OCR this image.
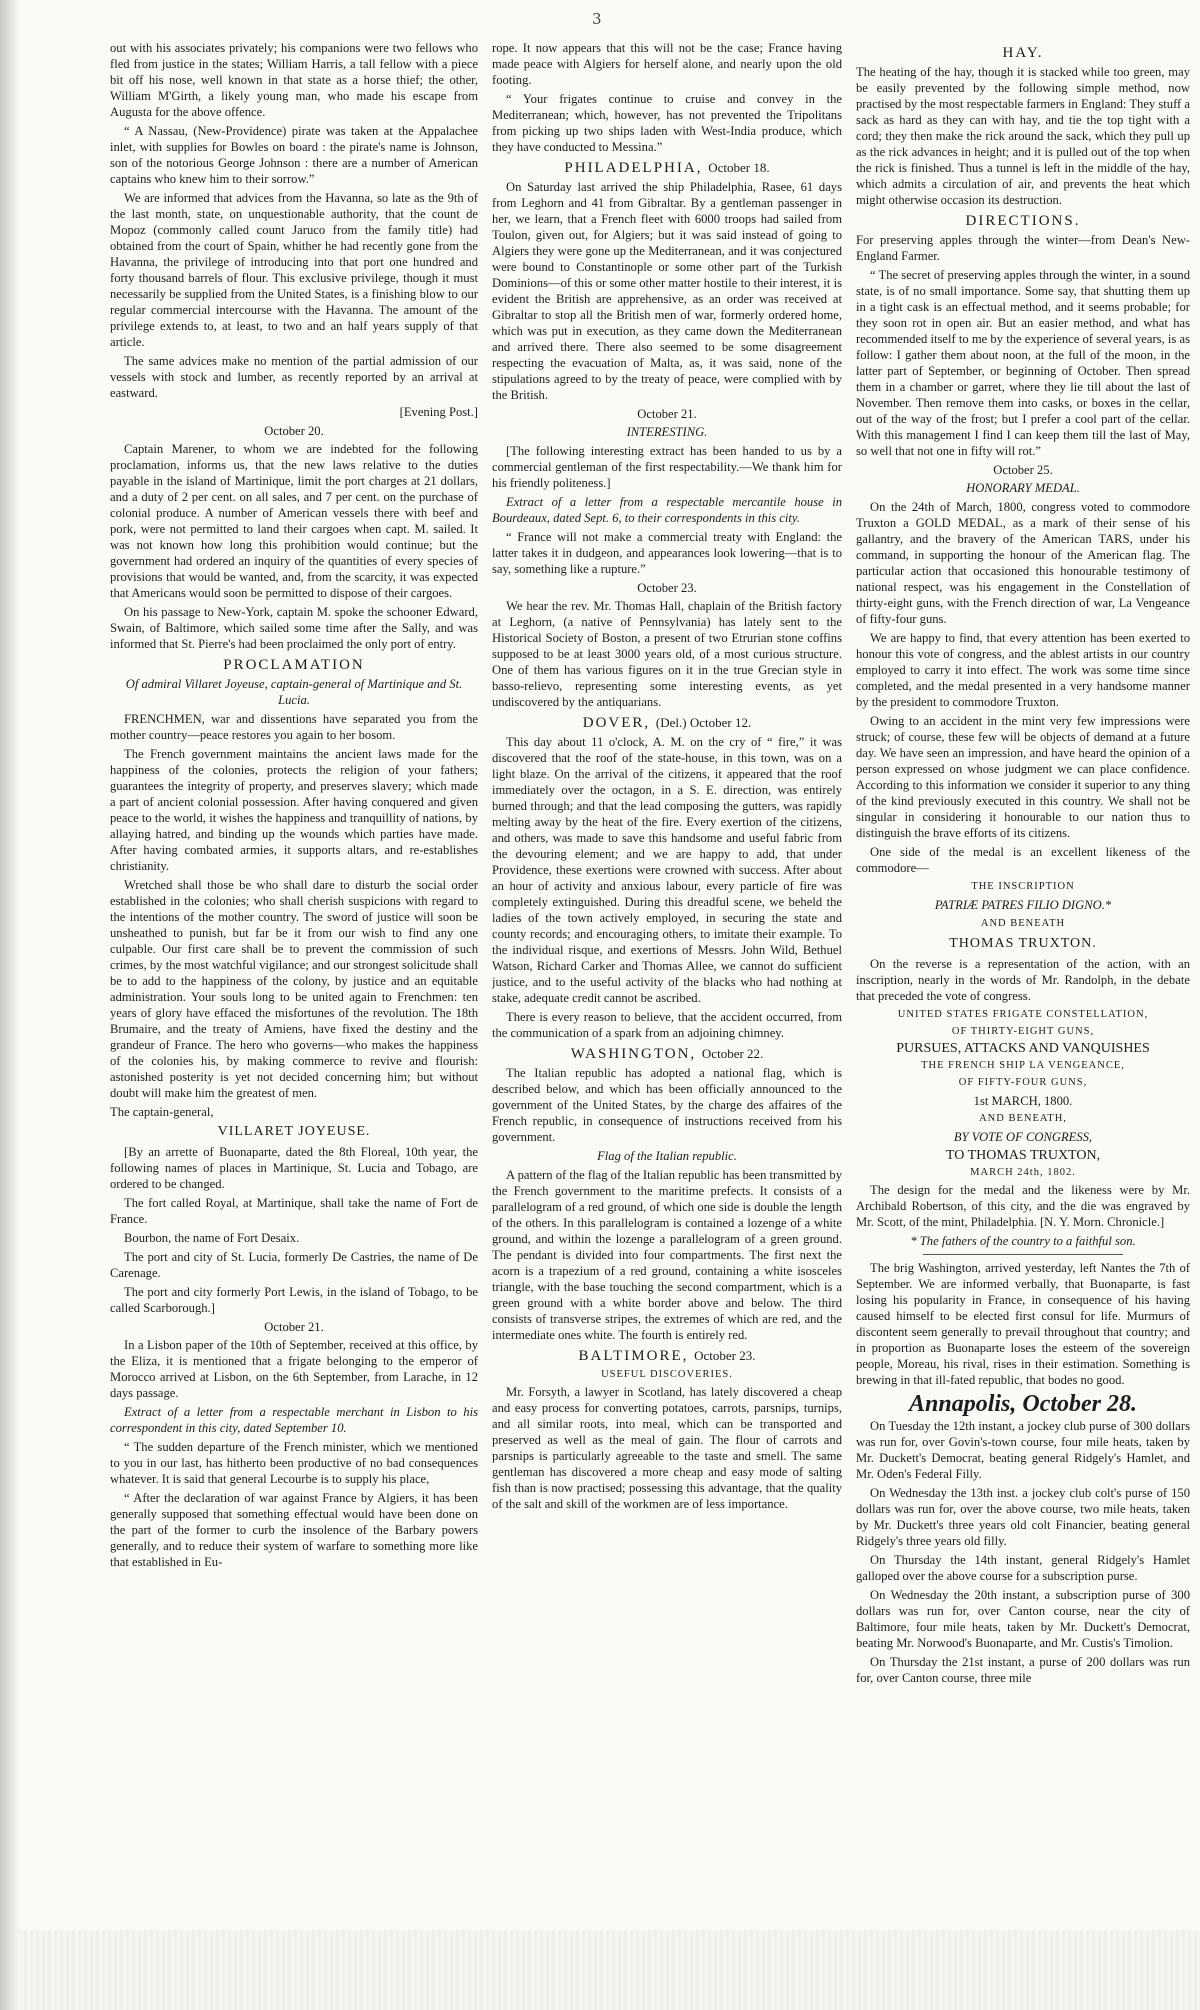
3

out with his associates privately; his companions were two fellows who fled from justice in the states; William Harris, a tall fellow with a piece bit off his nose, well known in that state as a horse thief; the other, William M'Girth, a likely young man, who made his escape from Augusta for the above offence.

“ A Nassau, (New-Providence) pirate was taken at the Appalachee inlet, with supplies for Bowles on board : the pirate's name is Johnson, son of the notorious George Johnson : there are a number of American captains who knew him to their sorrow.”

We are informed that advices from the Havanna, so late as the 9th of the last month, state, on unquestionable authority, that the count de Mopoz (commonly called count Jaruco from the family title) had obtained from the court of Spain, whither he had recently gone from the Havanna, the privilege of introducing into that port one hundred and forty thousand barrels of flour. This exclusive privilege, though it must necessarily be supplied from the United States, is a finishing blow to our regular commercial intercourse with the Havanna. The amount of the privilege extends to, at least, to two and an half years supply of that article.

The same advices make no mention of the partial admission of our vessels with stock and lumber, as recently reported by an arrival at eastward.

[Evening Post.]

October 20.

Captain Marener, to whom we are indebted for the following proclamation, informs us, that the new laws relative to the duties payable in the island of Martinique, limit the port charges at 21 dollars, and a duty of 2 per cent. on all sales, and 7 per cent. on the purchase of colonial produce. A number of American vessels there with beef and pork, were not permitted to land their cargoes when capt. M. sailed. It was not known how long this prohibition would continue; but the government had ordered an inquiry of the quantities of every species of provisions that would be wanted, and, from the scarcity, it was expected that Americans would soon be permitted to dispose of their cargoes.

On his passage to New-York, captain M. spoke the schooner Edward, Swain, of Baltimore, which sailed some time after the Sally, and was informed that St. Pierre's had been proclaimed the only port of entry.

PROCLAMATION

Of admiral Villaret Joyeuse, captain-general of Martinique and St. Lucia.

FRENCHMEN, war and dissentions have separated you from the mother country—peace restores you again to her bosom.

The French government maintains the ancient laws made for the happiness of the colonies, protects the religion of your fathers; guarantees the integrity of property, and preserves slavery; which made a part of ancient colonial possession. After having conquered and given peace to the world, it wishes the happiness and tranquillity of nations, by allaying hatred, and binding up the wounds which parties have made. After having combated armies, it supports altars, and re-establishes christianity.

Wretched shall those be who shall dare to disturb the social order established in the colonies; who shall cherish suspicions with regard to the intentions of the mother country. The sword of justice will soon be unsheathed to punish, but far be it from our wish to find any one culpable. Our first care shall be to prevent the commission of such crimes, by the most watchful vigilance; and our strongest solicitude shall be to add to the happiness of the colony, by justice and an equitable administration. Your souls long to be united again to Frenchmen: ten years of glory have effaced the misfortunes of the revolution. The 18th Brumaire, and the treaty of Amiens, have fixed the destiny and the grandeur of France. The hero who governs—who makes the happiness of the colonies his, by making commerce to revive and flourish: astonished posterity is yet not decided concerning him; but without doubt will make him the greatest of men.

The captain-general,

VILLARET JOYEUSE.

[By an arrette of Buonaparte, dated the 8th Floreal, 10th year, the following names of places in Martinique, St. Lucia and Tobago, are ordered to be changed.

The fort called Royal, at Martinique, shall take the name of Fort de France.

Bourbon, the name of Fort Desaix.

The port and city of St. Lucia, formerly De Castries, the name of De Carenage.

The port and city formerly Port Lewis, in the island of Tobago, to be called Scarborough.]

October 21.

In a Lisbon paper of the 10th of September, received at this office, by the Eliza, it is mentioned that a frigate belonging to the emperor of Morocco arrived at Lisbon, on the 6th September, from Larache, in 12 days passage.

Extract of a letter from a respectable merchant in Lisbon to his correspondent in this city, dated September 10.

“ The sudden departure of the French minister, which we mentioned to you in our last, has hitherto been productive of no bad consequences whatever. It is said that general Lecourbe is to supply his place,

“ After the declaration of war against France by Algiers, it has been generally supposed that something effectual would have been done on the part of the former to curb the insolence of the Barbary powers generally, and to reduce their system of warfare to something more like that established in Eu-

rope. It now appears that this will not be the case; France having made peace with Algiers for herself alone, and nearly upon the old footing.

“ Your frigates continue to cruise and convey in the Mediterranean; which, however, has not prevented the Tripolitans from picking up two ships laden with West-India produce, which they have conducted to Messina.”

PHILADELPHIA, October 18.

On Saturday last arrived the ship Philadelphia, Rasee, 61 days from Leghorn and 41 from Gibraltar. By a gentleman passenger in her, we learn, that a French fleet with 6000 troops had sailed from Toulon, given out, for Algiers; but it was said instead of going to Algiers they were gone up the Mediterranean, and it was conjectured were bound to Constantinople or some other part of the Turkish Dominions—of this or some other matter hostile to their interest, it is evident the British are apprehensive, as an order was received at Gibraltar to stop all the British men of war, formerly ordered home, which was put in execution, as they came down the Mediterranean and arrived there. There also seemed to be some disagreement respecting the evacuation of Malta, as, it was said, none of the stipulations agreed to by the treaty of peace, were complied with by the British.

October 21.

INTERESTING.

[The following interesting extract has been handed to us by a commercial gentleman of the first respectability.—We thank him for his friendly politeness.]

Extract of a letter from a respectable mercantile house in Bourdeaux, dated Sept. 6, to their correspondents in this city.

“ France will not make a commercial treaty with England: the latter takes it in dudgeon, and appearances look lowering—that is to say, something like a rupture.”

October 23.

We hear the rev. Mr. Thomas Hall, chaplain of the British factory at Leghorn, (a native of Pennsylvania) has lately sent to the Historical Society of Boston, a present of two Etrurian stone coffins supposed to be at least 3000 years old, of a most curious structure. One of them has various figures on it in the true Grecian style in basso-relievo, representing some interesting events, as yet undiscovered by the antiquarians.

DOVER, (Del.) October 12.

This day about 11 o'clock, A. M. on the cry of “ fire,” it was discovered that the roof of the state-house, in this town, was on a light blaze. On the arrival of the citizens, it appeared that the roof immediately over the octagon, in a S. E. direction, was entirely burned through; and that the lead composing the gutters, was rapidly melting away by the heat of the fire. Every exertion of the citizens, and others, was made to save this handsome and useful fabric from the devouring element; and we are happy to add, that under Providence, these exertions were crowned with success. After about an hour of activity and anxious labour, every particle of fire was completely extinguished. During this dreadful scene, we beheld the ladies of the town actively employed, in securing the state and county records; and encouraging others, to imitate their example. To the individual risque, and exertions of Messrs. John Wild, Bethuel Watson, Richard Carker and Thomas Allee, we cannot do sufficient justice, and to the useful activity of the blacks who had nothing at stake, adequate credit cannot be ascribed.

There is every reason to believe, that the accident occurred, from the communication of a spark from an adjoining chimney.

WASHINGTON, October 22.

The Italian republic has adopted a national flag, which is described below, and which has been officially announced to the government of the United States, by the charge des affaires of the French republic, in consequence of instructions received from his government.

Flag of the Italian republic.

A pattern of the flag of the Italian republic has been transmitted by the French government to the maritime prefects. It consists of a parallelogram of a red ground, of which one side is double the length of the others. In this parallelogram is contained a lozenge of a white ground, and within the lozenge a parallelogram of a green ground. The pendant is divided into four compartments. The first next the acorn is a trapezium of a red ground, containing a white isosceles triangle, with the base touching the second compartment, which is a green ground with a white border above and below. The third consists of transverse stripes, the extremes of which are red, and the intermediate ones white. The fourth is entirely red.

BALTIMORE, October 23.

USEFUL DISCOVERIES.

Mr. Forsyth, a lawyer in Scotland, has lately discovered a cheap and easy process for converting potatoes, carrots, parsnips, turnips, and all similar roots, into meal, which can be transported and preserved as well as the meal of gain. The flour of carrots and parsnips is particularly agreeable to the taste and smell. The same gentleman has discovered a more cheap and easy mode of salting fish than is now practised; possessing this advantage, that the quality of the salt and skill of the workmen are of less importance.

HAY.

The heating of the hay, though it is stacked while too green, may be easily prevented by the following simple method, now practised by the most respectable farmers in England: They stuff a sack as hard as they can with hay, and tie the top tight with a cord; they then make the rick around the sack, which they pull up as the rick advances in height; and it is pulled out of the top when the rick is finished. Thus a tunnel is left in the middle of the hay, which admits a circulation of air, and prevents the heat which might otherwise occasion its destruction.

DIRECTIONS.

For preserving apples through the winter—from Dean's New-England Farmer.

“ The secret of preserving apples through the winter, in a sound state, is of no small importance. Some say, that shutting them up in a tight cask is an effectual method, and it seems probable; for they soon rot in open air. But an easier method, and what has recommended itself to me by the experience of several years, is as follow: I gather them about noon, at the full of the moon, in the latter part of September, or beginning of October. Then spread them in a chamber or garret, where they lie till about the last of November. Then remove them into casks, or boxes in the cellar, out of the way of the frost; but I prefer a cool part of the cellar. With this management I find I can keep them till the last of May, so well that not one in fifty will rot.”

October 25.

HONORARY MEDAL.

On the 24th of March, 1800, congress voted to commodore Truxton a GOLD MEDAL, as a mark of their sense of his gallantry, and the bravery of the American TARS, under his command, in supporting the honour of the American flag. The particular action that occasioned this honourable testimony of national respect, was his engagement in the Constellation of thirty-eight guns, with the French direction of war, La Vengeance of fifty-four guns.

We are happy to find, that every attention has been exerted to honour this vote of congress, and the ablest artists in our country employed to carry it into effect. The work was some time since completed, and the medal presented in a very handsome manner by the president to commodore Truxton.

Owing to an accident in the mint very few impressions were struck; of course, these few will be objects of demand at a future day. We have seen an impression, and have heard the opinion of a person expressed on whose judgment we can place confidence. According to this information we consider it superior to any thing of the kind previously executed in this country. We shall not be singular in considering it honourable to our nation thus to distinguish the brave efforts of its citizens.

One side of the medal is an excellent likeness of the commodore—

THE INSCRIPTION

PATRIÆ PATRES FILIO DIGNO.*

AND BENEATH

THOMAS TRUXTON.

On the reverse is a representation of the action, with an inscription, nearly in the words of Mr. Randolph, in the debate that preceded the vote of congress.

UNITED STATES FRIGATE CONSTELLATION,

OF THIRTY-EIGHT GUNS,

PURSUES, ATTACKS AND VANQUISHES

THE FRENCH SHIP LA VENGEANCE,

OF FIFTY-FOUR GUNS,

1st MARCH, 1800.

AND BENEATH,

BY VOTE OF CONGRESS,

TO THOMAS TRUXTON,

MARCH 24th, 1802.

The design for the medal and the likeness were by Mr. Archibald Robertson, of this city, and the die was engraved by Mr. Scott, of the mint, Philadelphia. [N. Y. Morn. Chronicle.]

* The fathers of the country to a faithful son.

The brig Washington, arrived yesterday, left Nantes the 7th of September. We are informed verbally, that Buonaparte, is fast losing his popularity in France, in consequence of his having caused himself to be elected first consul for life. Murmurs of discontent seem generally to prevail throughout that country; and in proportion as Buonaparte loses the esteem of the sovereign people, Moreau, his rival, rises in their estimation. Something is brewing in that ill-fated republic, that bodes no good.

Annapolis, October 28.

On Tuesday the 12th instant, a jockey club purse of 300 dollars was run for, over Govin's-town course, four mile heats, taken by Mr. Duckett's Democrat, beating general Ridgely's Hamlet, and Mr. Oden's Federal Filly.

On Wednesday the 13th inst. a jockey club colt's purse of 150 dollars was run for, over the above course, two mile heats, taken by Mr. Duckett's three years old colt Financier, beating general Ridgely's three years old filly.

On Thursday the 14th instant, general Ridgely's Hamlet galloped over the above course for a subscription purse.

On Wednesday the 20th instant, a subscription purse of 300 dollars was run for, over Canton course, near the city of Baltimore, four mile heats, taken by Mr. Duckett's Democrat, beating Mr. Norwood's Buonaparte, and Mr. Custis's Timolion.

On Thursday the 21st instant, a purse of 200 dollars was run for, over Canton course, three mile
